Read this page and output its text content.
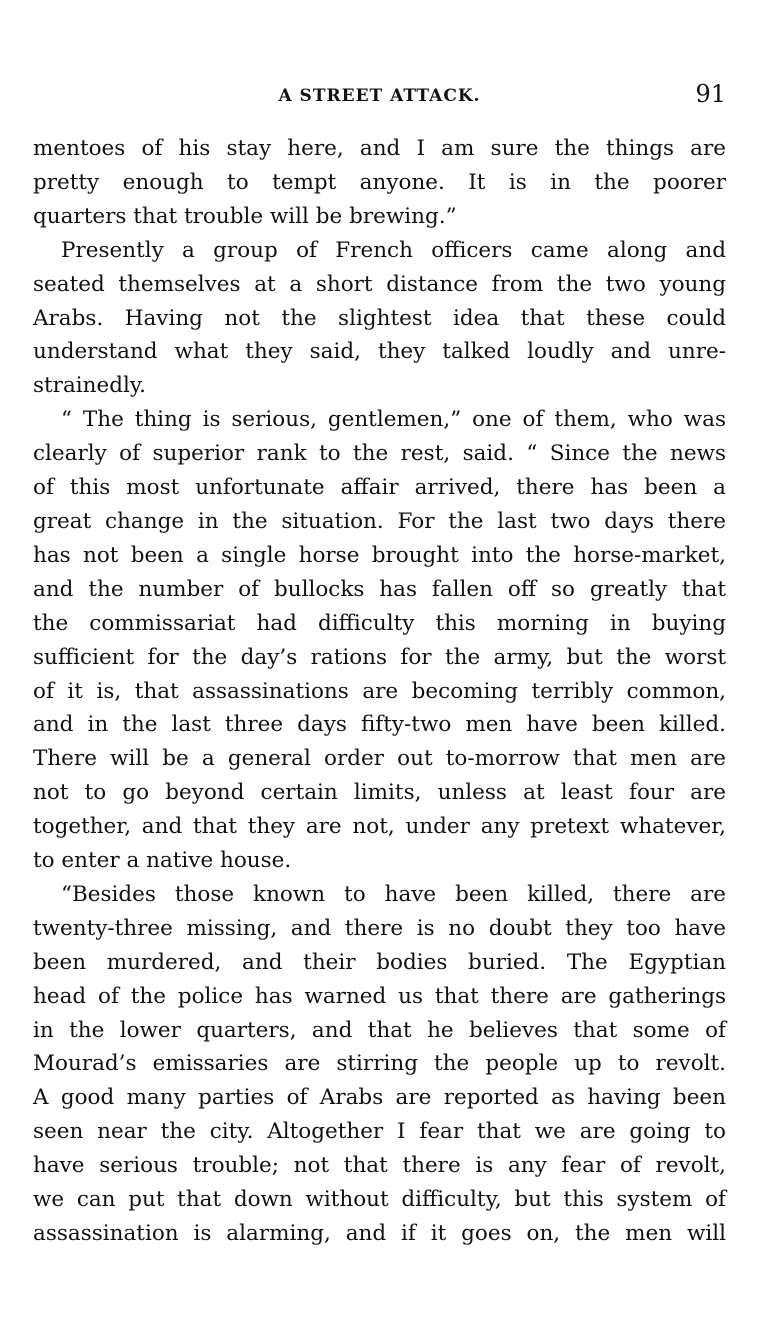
A STREET ATTACK.	91

mentoes of his stay here, and I am sure the things are

pretty enough to tempt anyone. It is in the poorer

quarters that trouble will be brewing.”

Presently a group of French officers came along and

seated themselves at a short distance from the two young

Arabs. Having not the slightest idea that these could

understand what they said, they talked loudly and unre-

strainedly.

“ The thing is serious, gentlemen,” one of them, who was

clearly of superior rank to the rest, said. “ Since the news

of this most unfortunate affair arrived, there has been a

great change in the situation. For the last two days there

has not been a single horse brought into the horse-market,

and the number of bullocks has fallen off so greatly that

the commissariat had difficulty this morning in buying

sufficient for the day’s rations for the army, but the worst

of it is, that assassinations are becoming terribly common,

and in the last three days fifty-two men have been killed.

There will be a general order out to-morrow that men are

not to go beyond certain limits, unless at least four are

together, and that they are not, under any pretext whatever,

to enter a native house.

“Besides those known to have been killed, there are

twenty-three missing, and there is no doubt they too have

been murdered, and their bodies buried. The Egyptian

head of the police has warned us that there are gatherings

in the lower quarters, and that he believes that some of

Mourad’s emissaries are stirring the people up to revolt.

A good many parties of Arabs are reported as having been

seen near the city. Altogether I fear that we are going to

have serious trouble; not that there is any fear of revolt,

we can put that down without difficulty, but this system of

assassination is alarming, and if it goes on, the men will
